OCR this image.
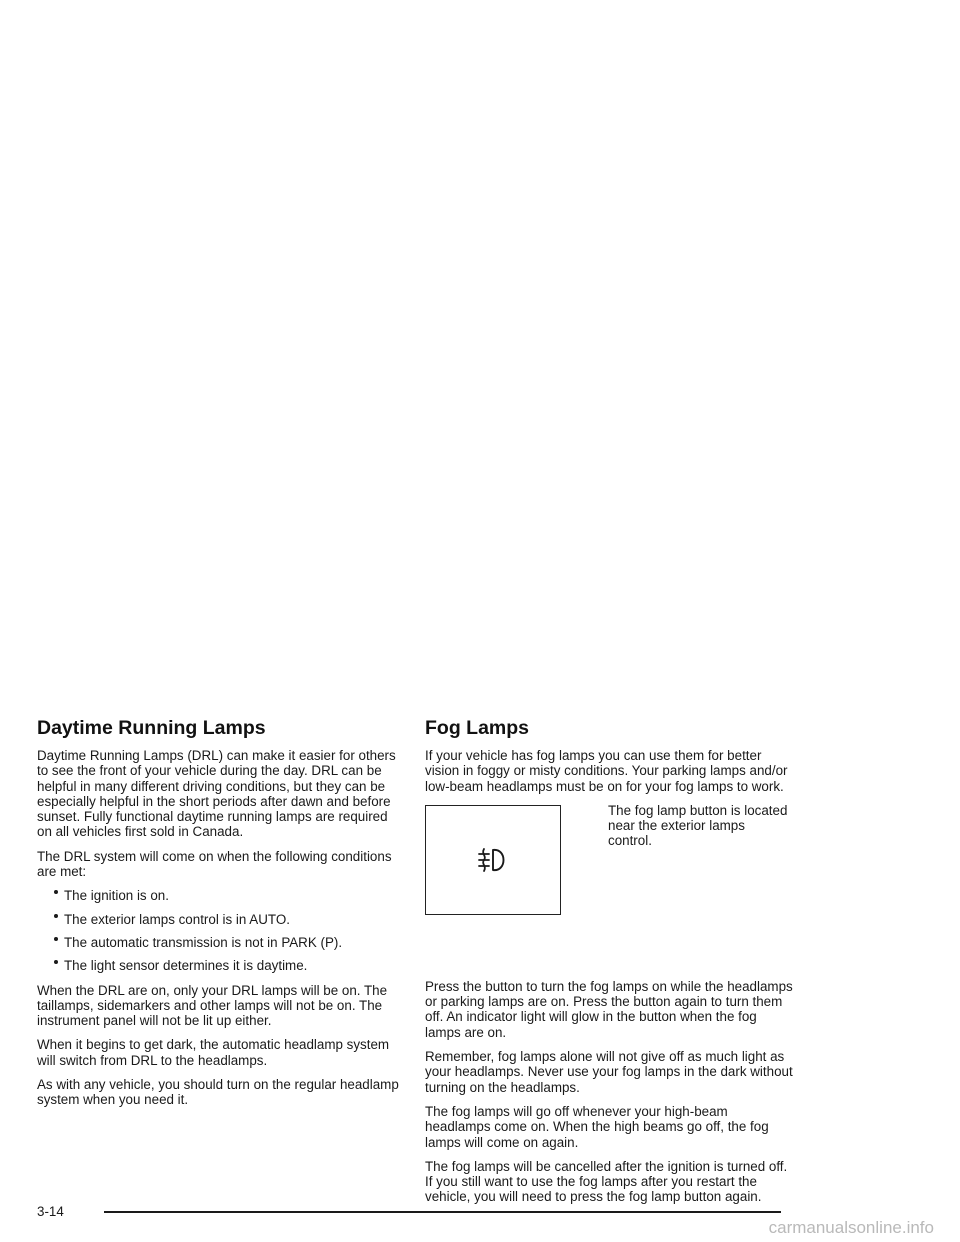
Daytime Running Lamps

Daytime Running Lamps (DRL) can make it easier for others to see the front of your vehicle during the day. DRL can be helpful in many different driving conditions, but they can be especially helpful in the short periods after dawn and before sunset. Fully functional daytime running lamps are required on all vehicles first sold in Canada.

The DRL system will come on when the following conditions are met:

The ignition is on.
The exterior lamps control is in AUTO.
The automatic transmission is not in PARK (P).
The light sensor determines it is daytime.

When the DRL are on, only your DRL lamps will be on. The taillamps, sidemarkers and other lamps will not be on. The instrument panel will not be lit up either.

When it begins to get dark, the automatic headlamp system will switch from DRL to the headlamps.

As with any vehicle, you should turn on the regular headlamp system when you need it.

Fog Lamps

If your vehicle has fog lamps you can use them for better vision in foggy or misty conditions. Your parking lamps and/or low-beam headlamps must be on for your fog lamps to work.

The fog lamp button is located near the exterior lamps control.

Press the button to turn the fog lamps on while the headlamps or parking lamps are on. Press the button again to turn them off. An indicator light will glow in the button when the fog lamps are on.

Remember, fog lamps alone will not give off as much light as your headlamps. Never use your fog lamps in the dark without turning on the headlamps.

The fog lamps will go off whenever your high-beam headlamps come on. When the high beams go off, the fog lamps will come on again.

The fog lamps will be cancelled after the ignition is turned off. If you still want to use the fog lamps after you restart the vehicle, you will need to press the fog lamp button again.

3-14
carmanualsonline.info
